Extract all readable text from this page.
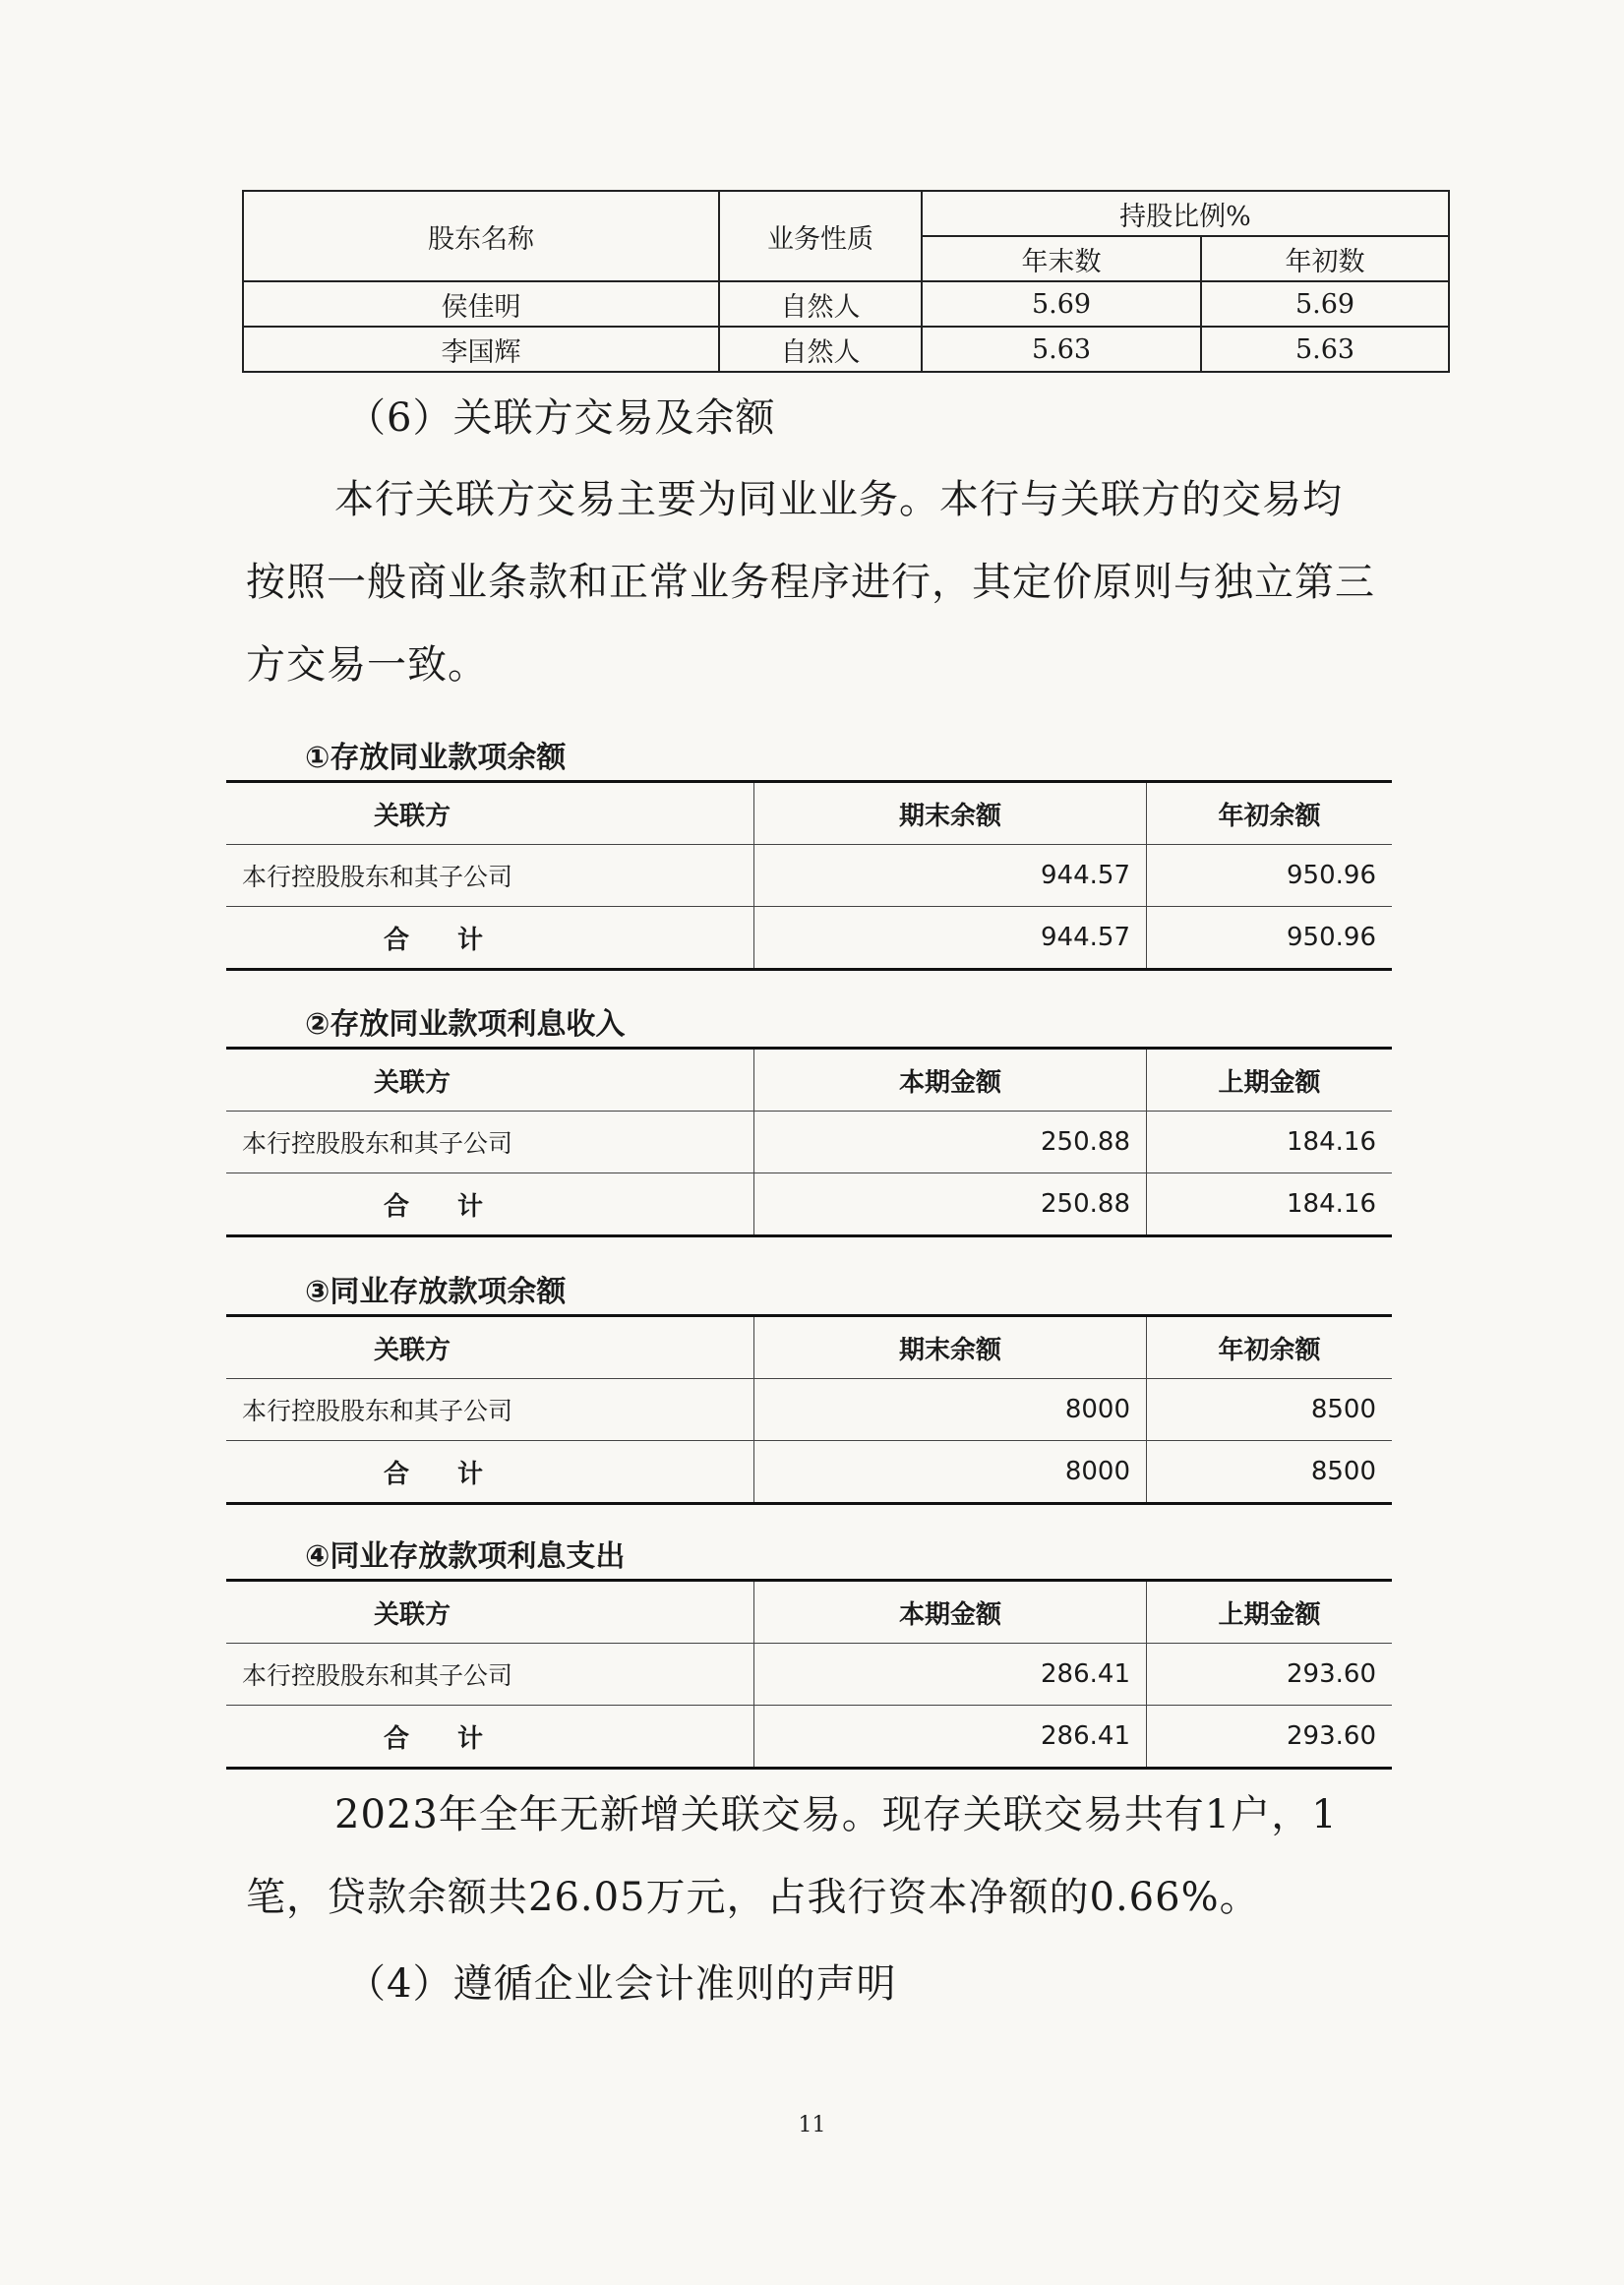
股东名称	业务性质	持股比例%	
		年末数	年初数
侯佳明	自然人	5.69	5.69
李国辉	自然人	5.63	5.63
（6）关联方交易及余额
本行关联方交易主要为同业业务。本行与关联方的交易均按照一般商业条款和正常业务程序进行，其定价原则与独立第三方交易一致。
①存放同业款项余额
关联方	期末余额	年初余额
本行控股股东和其子公司	944.57	950.96
合 计	944.57	950.96
②存放同业款项利息收入
关联方	本期金额	上期金额
本行控股股东和其子公司	250.88	184.16
合 计	250.88	184.16
③同业存放款项余额
关联方	期末余额	年初余额
本行控股股东和其子公司	8000	8500
合 计	8000	8500
④同业存放款项利息支出
关联方	本期金额	上期金额
本行控股股东和其子公司	286.41	293.60
合 计	286.41	293.60
2023年全年无新增关联交易。现存关联交易共有1户，1笔，贷款余额共26.05万元，占我行资本净额的0.66%。
（4）遵循企业会计准则的声明
11
